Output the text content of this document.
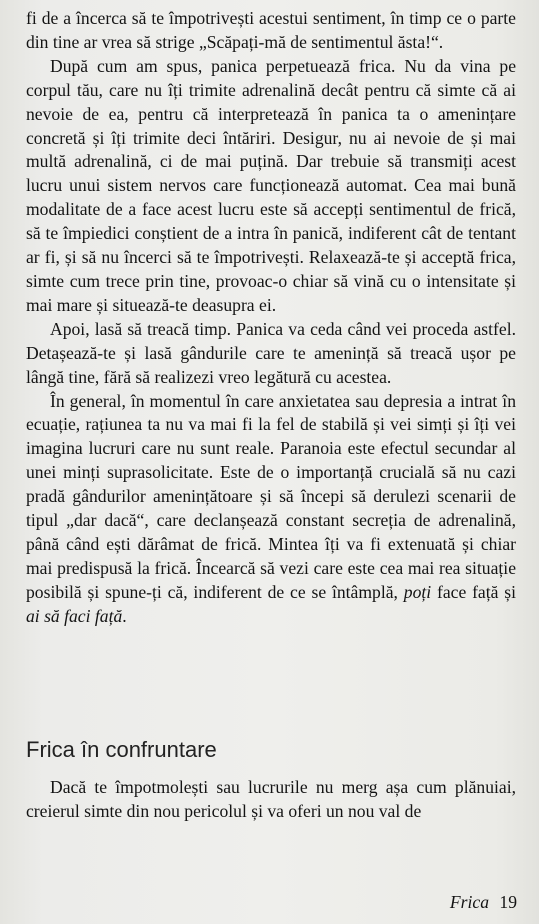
fi de a încerca să te împotrivești acestui sentiment, în timp ce o parte din tine ar vrea să strige „Scăpați-mă de sentimentul ăsta!“.

După cum am spus, panica perpetuează frica. Nu da vina pe corpul tău, care nu îți trimite adrenalină decât pentru că simte că ai nevoie de ea, pentru că interpretează în panica ta o amenințare concretă și îți trimite deci întăriri. Desigur, nu ai nevoie de și mai multă adrenalină, ci de mai puțină. Dar trebuie să transmiți acest lucru unui sistem nervos care funcționează automat. Cea mai bună modalitate de a face acest lucru este să accepți sentimentul de frică, să te împiedici conștient de a intra în panică, indiferent cât de tentant ar fi, și să nu încerci să te împotrivești. Relaxează-te și acceptă frica, simte cum trece prin tine, provoac-o chiar să vină cu o intensitate și mai mare și situează-te deasupra ei.

Apoi, lasă să treacă timp. Panica va ceda când vei proceda astfel. Detașează-te și lasă gândurile care te amenință să treacă ușor pe lângă tine, fără să realizezi vreo legătură cu acestea.

În general, în momentul în care anxietatea sau depresia a intrat în ecuație, rațiunea ta nu va mai fi la fel de stabilă și vei simți și îți vei imagina lucruri care nu sunt reale. Paranoia este efectul secundar al unei minți suprasolicitate. Este de o importanță crucială să nu cazi pradă gândurilor amenințătoare și să începi să derulezi scenarii de tipul „dar dacă“, care declanșează constant secreția de adrenalină, până când ești dărâmat de frică. Mintea îți va fi extenuată și chiar mai predispusă la frică. Încearcă să vezi care este cea mai rea situație posibilă și spune-ți că, indiferent de ce se întâmplă, poți face față și ai să faci față.

Frica în confruntare

Dacă te împotmolești sau lucrurile nu merg așa cum plănuiai, creierul simte din nou pericolul și va oferi un nou val de

Frica 19
